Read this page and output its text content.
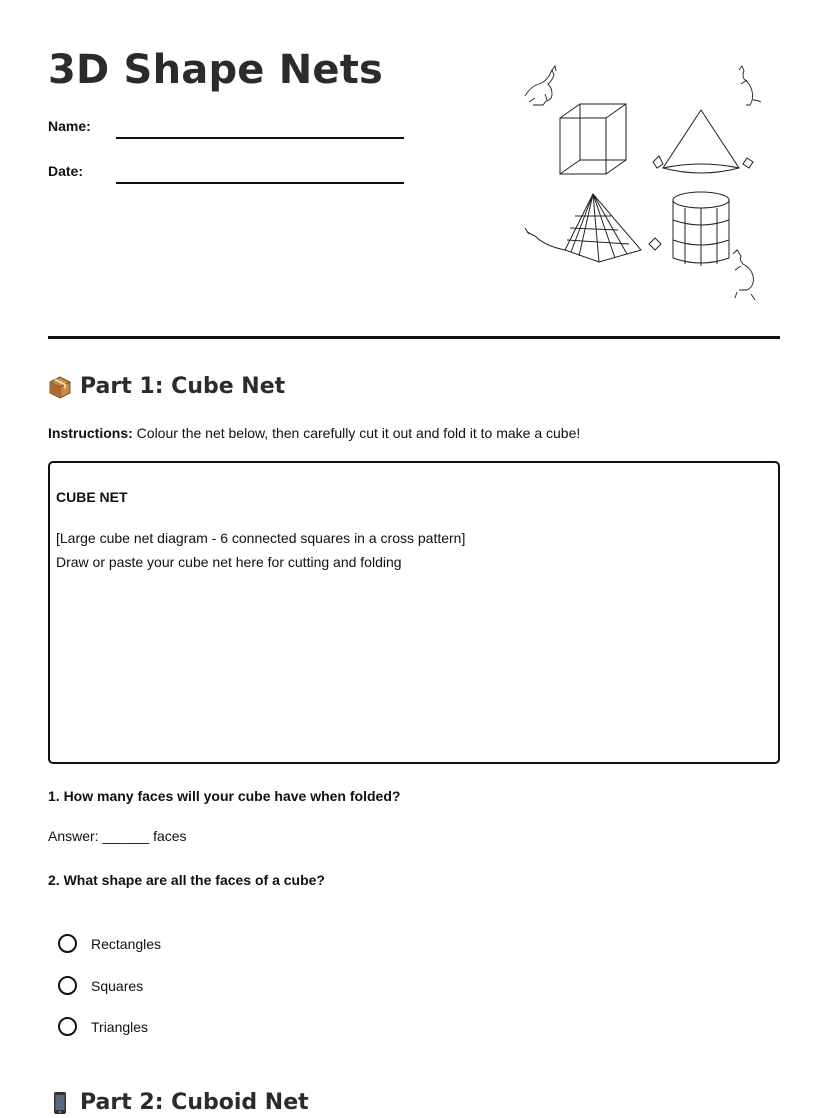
3D Shape Nets
Name:
Date:
Part 1: Cube Net
Instructions: Colour the net below, then carefully cut it out and fold it to make a cube!
CUBE NET
[Large cube net diagram - 6 connected squares in a cross pattern]
Draw or paste your cube net here for cutting and folding
1. How many faces will your cube have when folded?
Answer: ______ faces
2. What shape are all the faces of a cube?
Rectangles
Squares
Triangles
Part 2: Cuboid Net
